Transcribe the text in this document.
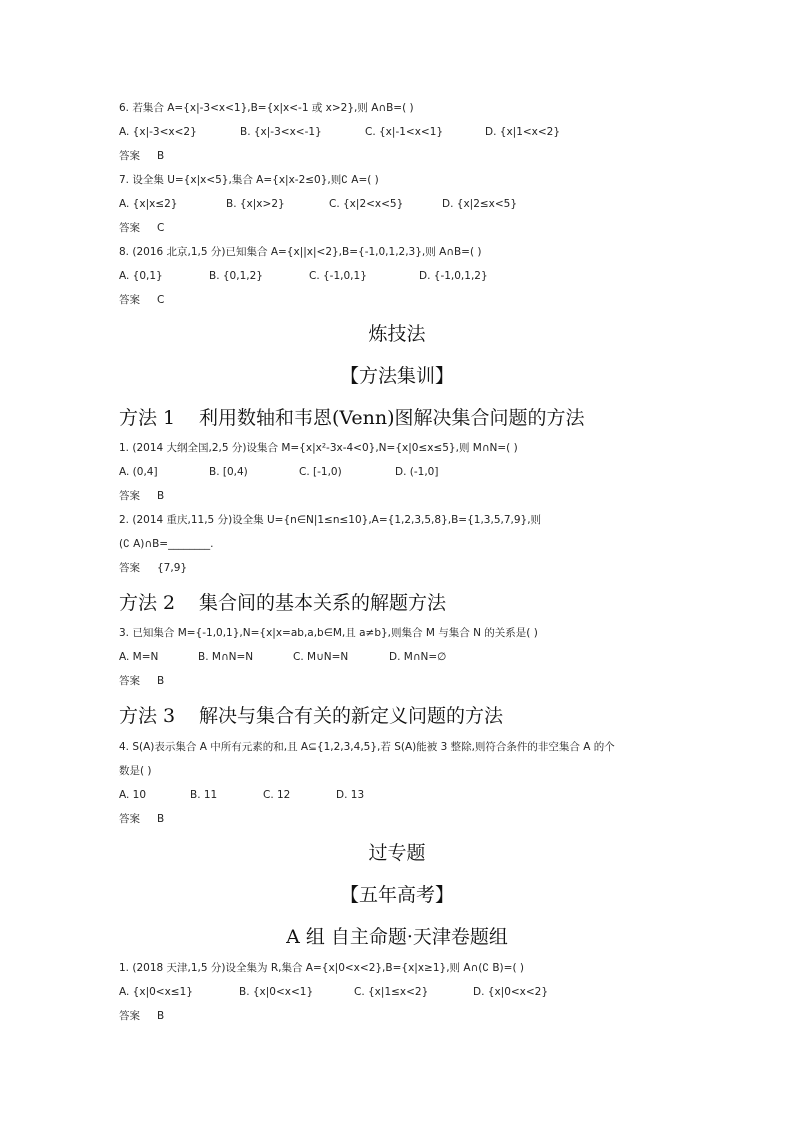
6. 若集合 A={x|-3<x<1},B={x|x<-1 或 x>2},则 A∩B=( )
A. {x|-3<x<2}	B. {x|-3<x<-1}	C. {x|-1<x<1}	D. {x|1<x<2}
答案 B
7. 设全集 U={x|x<5},集合 A={x|x-2≤0},则∁ A=( )
A. {x|x≤2}	B. {x|x>2}	C. {x|2<x<5}	D. {x|2≤x<5}
答案 C
8. (2016 北京,1,5 分)已知集合 A={x||x|<2},B={-1,0,1,2,3},则 A∩B=( )
A. {0,1}	B. {0,1,2}	C. {-1,0,1}	D. {-1,0,1,2}
答案 C
炼技法
【方法集训】
方法 1 利用数轴和韦恩(Venn)图解决集合问题的方法
1. (2014 大纲全国,2,5 分)设集合 M={x|x²-3x-4<0},N={x|0≤x≤5},则 M∩N=( )
A. (0,4]	B. [0,4)	C. [-1,0)	D. (-1,0]
答案 B
2. (2014 重庆,11,5 分)设全集 U={n∈N|1≤n≤10},A={1,2,3,5,8},B={1,3,5,7,9},则
(∁ A)∩B=________.
答案 {7,9}
方法 2 集合间的基本关系的解题方法
3. 已知集合 M={-1,0,1},N={x|x=ab,a,b∈M,且 a≠b},则集合 M 与集合 N 的关系是( )
A. M=N	B. M∩N=N	C. M∪N=N	D. M∩N=∅
答案 B
方法 3 解决与集合有关的新定义问题的方法
4. S(A)表示集合 A 中所有元素的和,且 A⊆{1,2,3,4,5},若 S(A)能被 3 整除,则符合条件的非空集合 A 的个
数是( )
A. 10	B. 11	C. 12	D. 13
答案 B
过专题
【五年高考】
A 组 自主命题·天津卷题组
1. (2018 天津,1,5 分)设全集为 R,集合 A={x|0<x<2},B={x|x≥1},则 A∩(∁ B)=( )
A. {x|0<x≤1}	B. {x|0<x<1}	C. {x|1≤x<2}	D. {x|0<x<2}
答案 B
